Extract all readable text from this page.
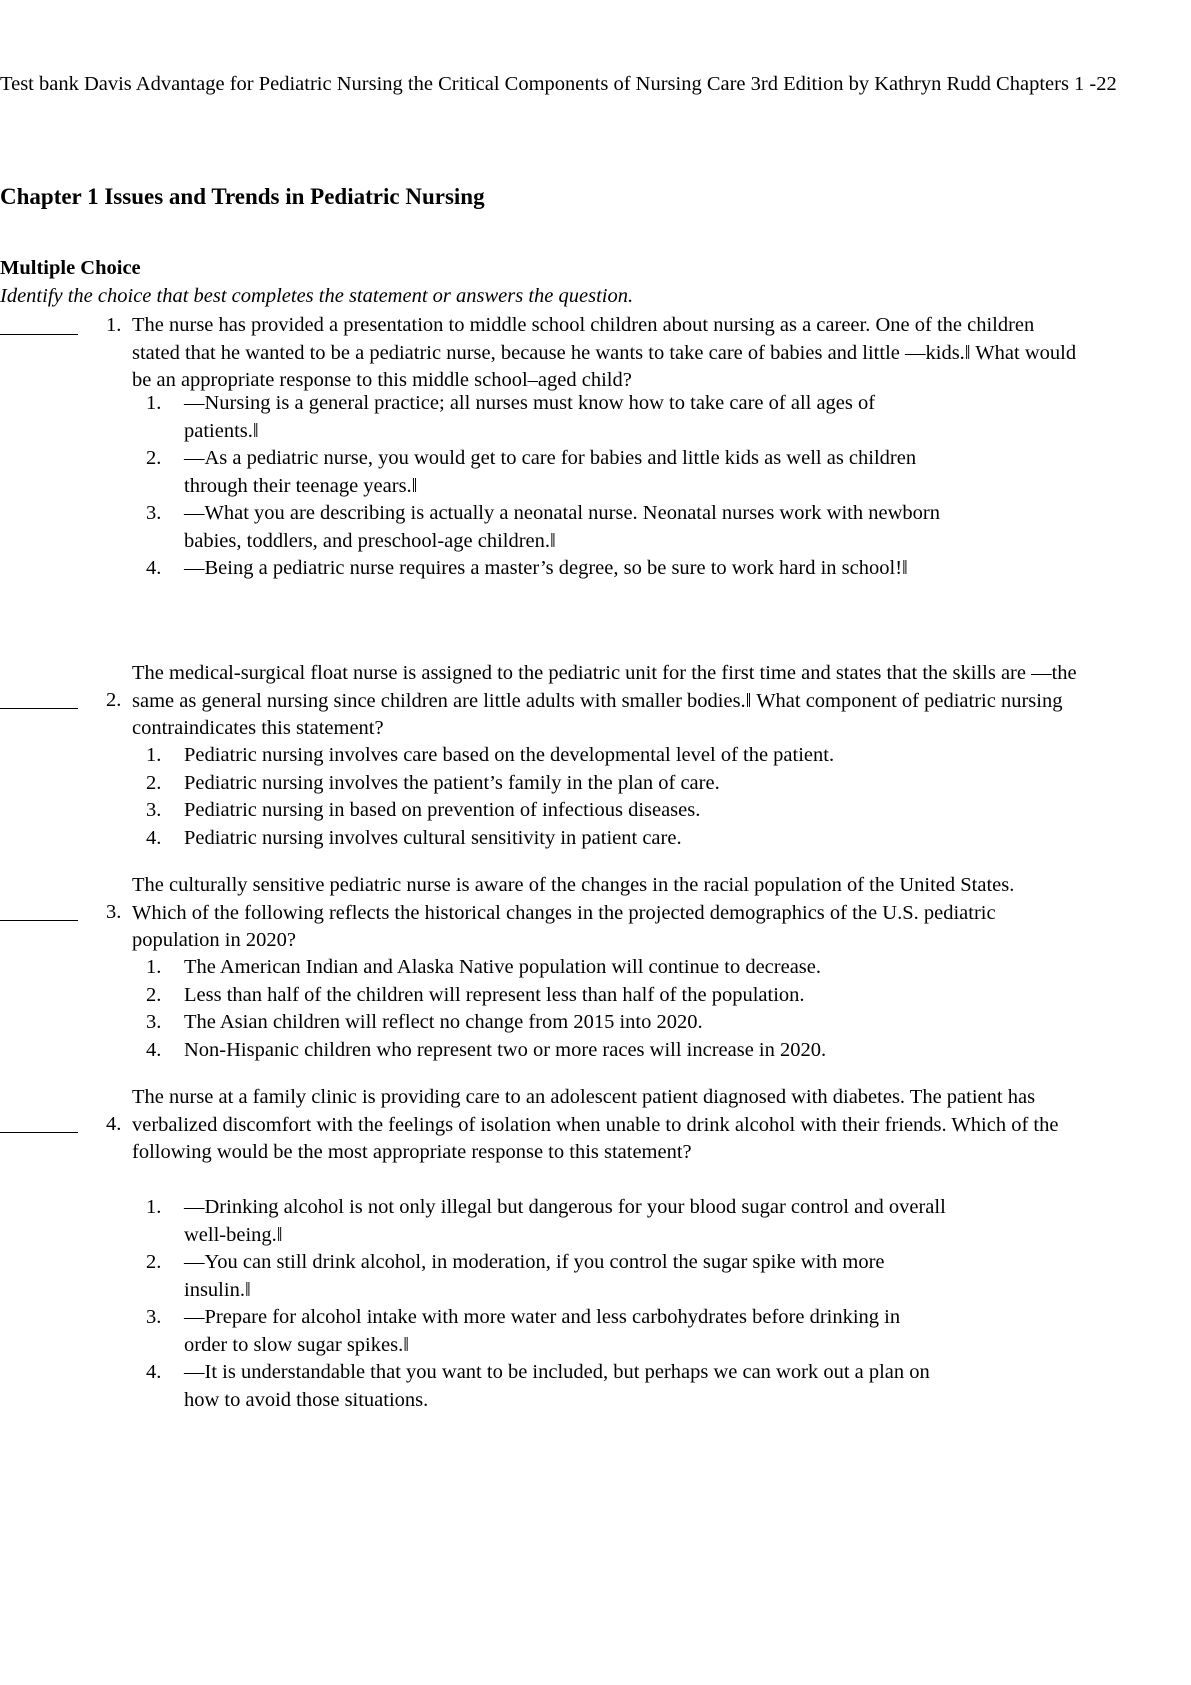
Test bank Davis Advantage for Pediatric Nursing the Critical Components of Nursing Care 3rd Edition by Kathryn Rudd Chapters 1 -22
Chapter 1 Issues and Trends in Pediatric Nursing
Multiple Choice
Identify the choice that best completes the statement or answers the question.
1. The nurse has provided a presentation to middle school children about nursing as a career. One of the children stated that he wanted to be a pediatric nurse, because he wants to take care of babies and little —kids.‖ What would be an appropriate response to this middle school–aged child?
1. —Nursing is a general practice; all nurses must know how to take care of all ages of patients.‖
2. —As a pediatric nurse, you would get to care for babies and little kids as well as children through their teenage years.‖
3. —What you are describing is actually a neonatal nurse. Neonatal nurses work with newborn babies, toddlers, and preschool-age children.‖
4. —Being a pediatric nurse requires a master’s degree, so be sure to work hard in school!‖
2.
The medical-surgical float nurse is assigned to the pediatric unit for the first time and states that the skills are —the same as general nursing since children are little adults with smaller bodies.‖ What component of pediatric nursing contraindicates this statement?
1. Pediatric nursing involves care based on the developmental level of the patient.
2. Pediatric nursing involves the patient’s family in the plan of care.
3. Pediatric nursing in based on prevention of infectious diseases.
4. Pediatric nursing involves cultural sensitivity in patient care.
3.
The culturally sensitive pediatric nurse is aware of the changes in the racial population of the United States. Which of the following reflects the historical changes in the projected demographics of the U.S. pediatric population in 2020?
1. The American Indian and Alaska Native population will continue to decrease.
2. Less than half of the children will represent less than half of the population.
3. The Asian children will reflect no change from 2015 into 2020.
4. Non-Hispanic children who represent two or more races will increase in 2020.
4.
The nurse at a family clinic is providing care to an adolescent patient diagnosed with diabetes. The patient has verbalized discomfort with the feelings of isolation when unable to drink alcohol with their friends. Which of the following would be the most appropriate response to this statement?
1. —Drinking alcohol is not only illegal but dangerous for your blood sugar control and overall well-being.‖
2. —You can still drink alcohol, in moderation, if you control the sugar spike with more insulin.‖
3. —Prepare for alcohol intake with more water and less carbohydrates before drinking in order to slow sugar spikes.‖
4. —It is understandable that you want to be included, but perhaps we can work out a plan on how to avoid those situations.
